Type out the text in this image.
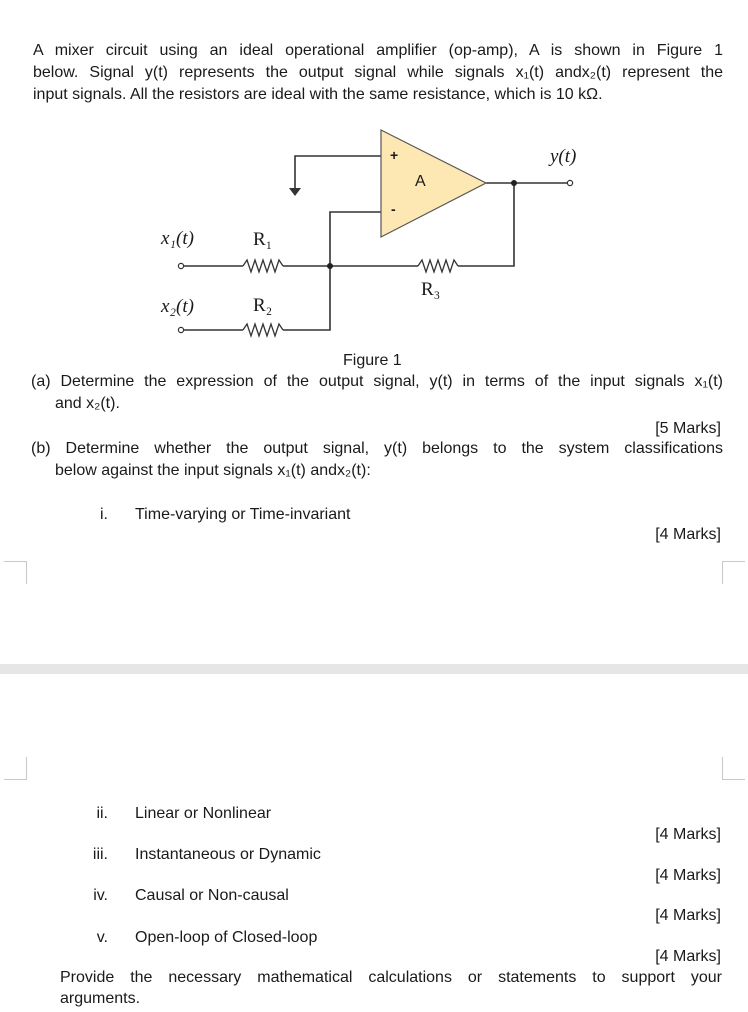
A mixer circuit using an ideal operational amplifier (op-amp), A is shown in Figure 1
below. Signal y(t) represents the output signal while signals x₁(t) andx₂(t) represent the
input signals. All the resistors are ideal with the same resistance, which is 10 kΩ.
+
-
A
y(t)
x₁(t)
x₂(t)
R₁
R₂
R₃
Figure 1
(a) Determine the expression of the output signal, y(t) in terms of the input signals x₁(t)
and x₂(t).
[5 Marks]
(b) Determine whether the output signal, y(t) belongs to the system classifications
below against the input signals x₁(t) andx₂(t):
i. Time-varying or Time-invariant
[4 Marks]
ii. Linear or Nonlinear
[4 Marks]
iii. Instantaneous or Dynamic
[4 Marks]
iv. Causal or Non-causal
[4 Marks]
v. Open-loop of Closed-loop
[4 Marks]
Provide the necessary mathematical calculations or statements to support your
arguments.
